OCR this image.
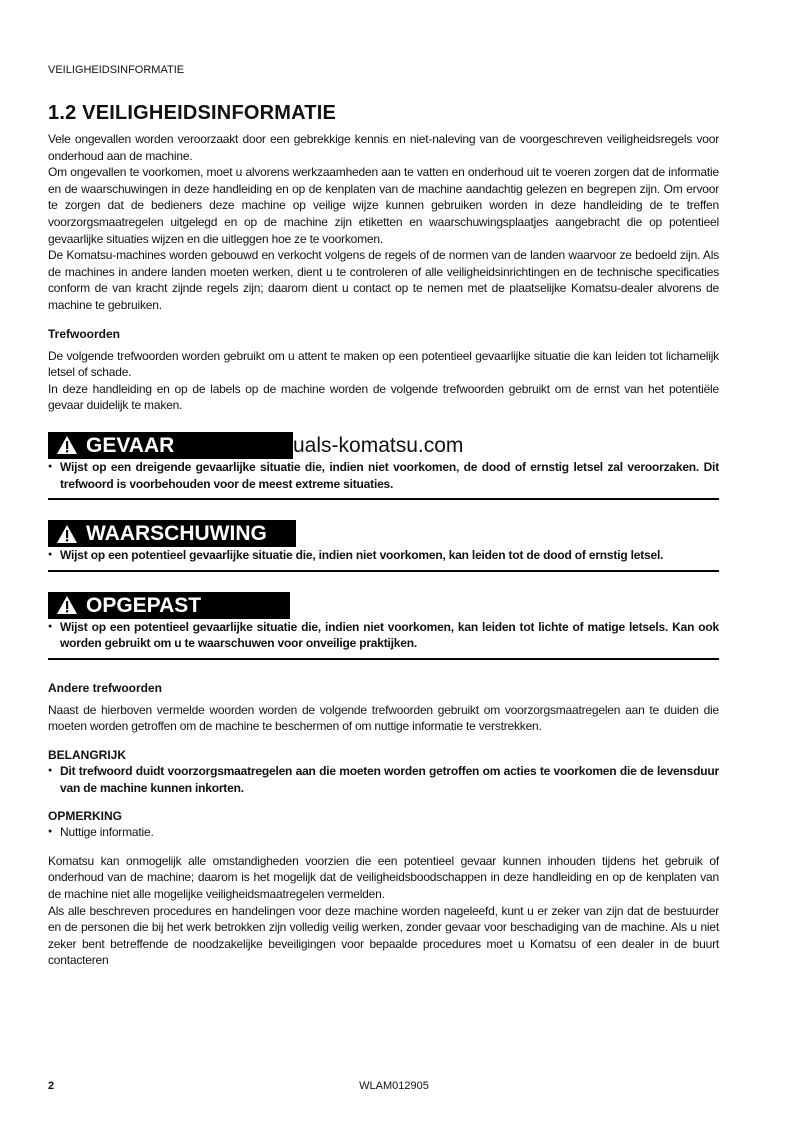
VEILIGHEIDSINFORMATIE
1.2 VEILIGHEIDSINFORMATIE

Vele ongevallen worden veroorzaakt door een gebrekkige kennis en niet-naleving van de voorgeschreven veiligheidsregels voor onderhoud aan de machine.

Om ongevallen te voorkomen, moet u alvorens werkzaamheden aan te vatten en onderhoud uit te voeren zorgen dat de informatie en de waarschuwingen in deze handleiding en op de kenplaten van de machine aandachtig gelezen en begrepen zijn. Om ervoor te zorgen dat de bedieners deze machine op veilige wijze kunnen gebruiken worden in deze handleiding de te treffen voorzorgsmaatregelen uitgelegd en op de machine zijn etiketten en waarschuwingsplaatjes aangebracht die op potentieel gevaarlijke situaties wijzen en die uitleggen hoe ze te voorkomen.

De Komatsu-machines worden gebouwd en verkocht volgens de regels of de normen van de landen waarvoor ze bedoeld zijn. Als de machines in andere landen moeten werken, dient u te controleren of alle veiligheidsinrichtingen en de technische specificaties conform de van kracht zijnde regels zijn; daarom dient u contact op te nemen met de plaatselijke Komatsu-dealer alvorens de machine te gebruiken.

Trefwoorden

De volgende trefwoorden worden gebruikt om u attent te maken op een potentieel gevaarlijke situatie die kan leiden tot lichamelijk letsel of schade.

In deze handleiding en op de labels op de machine worden de volgende trefwoorden gebruikt om de ernst van het potentiële gevaar duidelijk te maken.

GEVAAR	uals-komatsu.com
● Wijst op een dreigende gevaarlijke situatie die, indien niet voorkomen, de dood of ernstig letsel zal veroorzaken. Dit trefwoord is voorbehouden voor de meest extreme situaties.
WAARSCHUWING
● Wijst op een potentieel gevaarlijke situatie die, indien niet voorkomen, kan leiden tot de dood of ernstig letsel.
OPGEPAST
● Wijst op een potentieel gevaarlijke situatie die, indien niet voorkomen, kan leiden tot lichte of matige letsels. Kan ook worden gebruikt om u te waarschuwen voor onveilige praktijken.
Andere trefwoorden

Naast de hierboven vermelde woorden worden de volgende trefwoorden gebruikt om voorzorgsmaatregelen aan te duiden die moeten worden getroffen om de machine te beschermen of om nuttige informatie te verstrekken.

BELANGRIJK
● Dit trefwoord duidt voorzorgsmaatregelen aan die moeten worden getroffen om acties te voorkomen die de levensduur van de machine kunnen inkorten.
OPMERKING
● Nuttige informatie.

Komatsu kan onmogelijk alle omstandigheden voorzien die een potentieel gevaar kunnen inhouden tijdens het gebruik of onderhoud van de machine; daarom is het mogelijk dat de veiligheidsboodschappen in deze handleiding en op de kenplaten van de machine niet alle mogelijke veiligheidsmaatregelen vermelden.

Als alle beschreven procedures en handelingen voor deze machine worden nageleefd, kunt u er zeker van zijn dat de bestuurder en de personen die bij het werk betrokken zijn volledig veilig werken, zonder gevaar voor beschadiging van de machine. Als u niet zeker bent betreffende de noodzakelijke beveiligingen voor bepaalde procedures moet u Komatsu of een dealer in de buurt contacteren

2	WLAM012905
